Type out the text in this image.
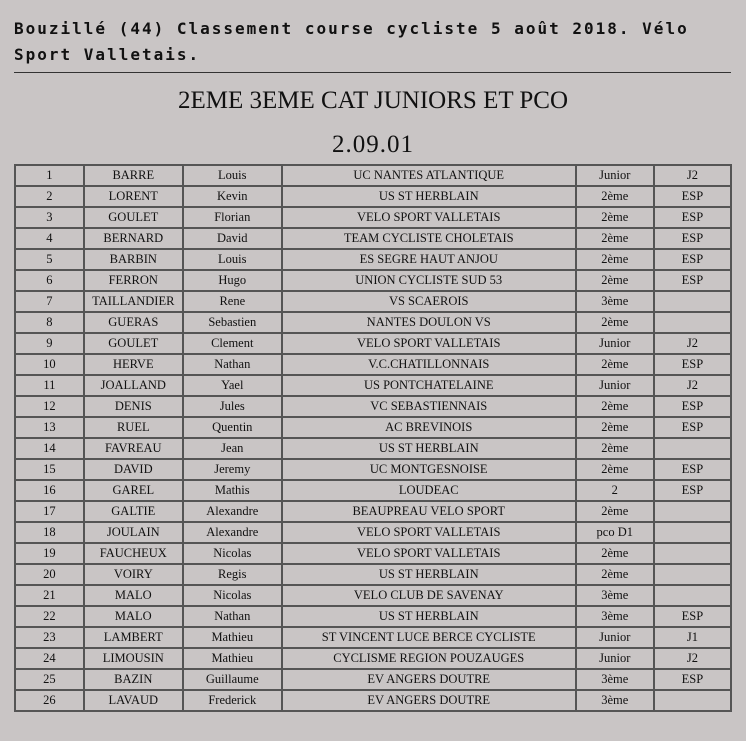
Bouzillé (44) Classement course cycliste 5 août 2018. Vélo
Sport Valletais.
2EME 3EME CAT JUNIORS ET PCO
2.09.01
1	BARRE	Louis	UC NANTES ATLANTIQUE	Junior	J2
2	LORENT	Kevin	US ST HERBLAIN	2ème	ESP
3	GOULET	Florian	VELO SPORT VALLETAIS	2ème	ESP
4	BERNARD	David	TEAM CYCLISTE CHOLETAIS	2ème	ESP
5	BARBIN	Louis	ES SEGRE HAUT ANJOU	2ème	ESP
6	FERRON	Hugo	UNION CYCLISTE SUD 53	2ème	ESP
7	TAILLANDIER	Rene	VS SCAEROIS	3ème	
8	GUERAS	Sebastien	NANTES DOULON VS	2ème	
9	GOULET	Clement	VELO SPORT VALLETAIS	Junior	J2
10	HERVE	Nathan	V.C.CHATILLONNAIS	2ème	ESP
11	JOALLAND	Yael	US PONTCHATELAINE	Junior	J2
12	DENIS	Jules	VC SEBASTIENNAIS	2ème	ESP
13	RUEL	Quentin	AC BREVINOIS	2ème	ESP
14	FAVREAU	Jean	US ST HERBLAIN	2ème	
15	DAVID	Jeremy	UC MONTGESNOISE	2ème	ESP
16	GAREL	Mathis	LOUDEAC	2	ESP
17	GALTIE	Alexandre	BEAUPREAU VELO SPORT	2ème	
18	JOULAIN	Alexandre	VELO SPORT VALLETAIS	pco D1	
19	FAUCHEUX	Nicolas	VELO SPORT VALLETAIS	2ème	
20	VOIRY	Regis	US ST HERBLAIN	2ème	
21	MALO	Nicolas	VELO CLUB DE SAVENAY	3ème	
22	MALO	Nathan	US ST HERBLAIN	3ème	ESP
23	LAMBERT	Mathieu	ST VINCENT LUCE BERCE CYCLISTE	Junior	J1
24	LIMOUSIN	Mathieu	CYCLISME REGION POUZAUGES	Junior	J2
25	BAZIN	Guillaume	EV ANGERS DOUTRE	3ème	ESP
26	LAVAUD	Frederick	EV ANGERS DOUTRE	3ème	
